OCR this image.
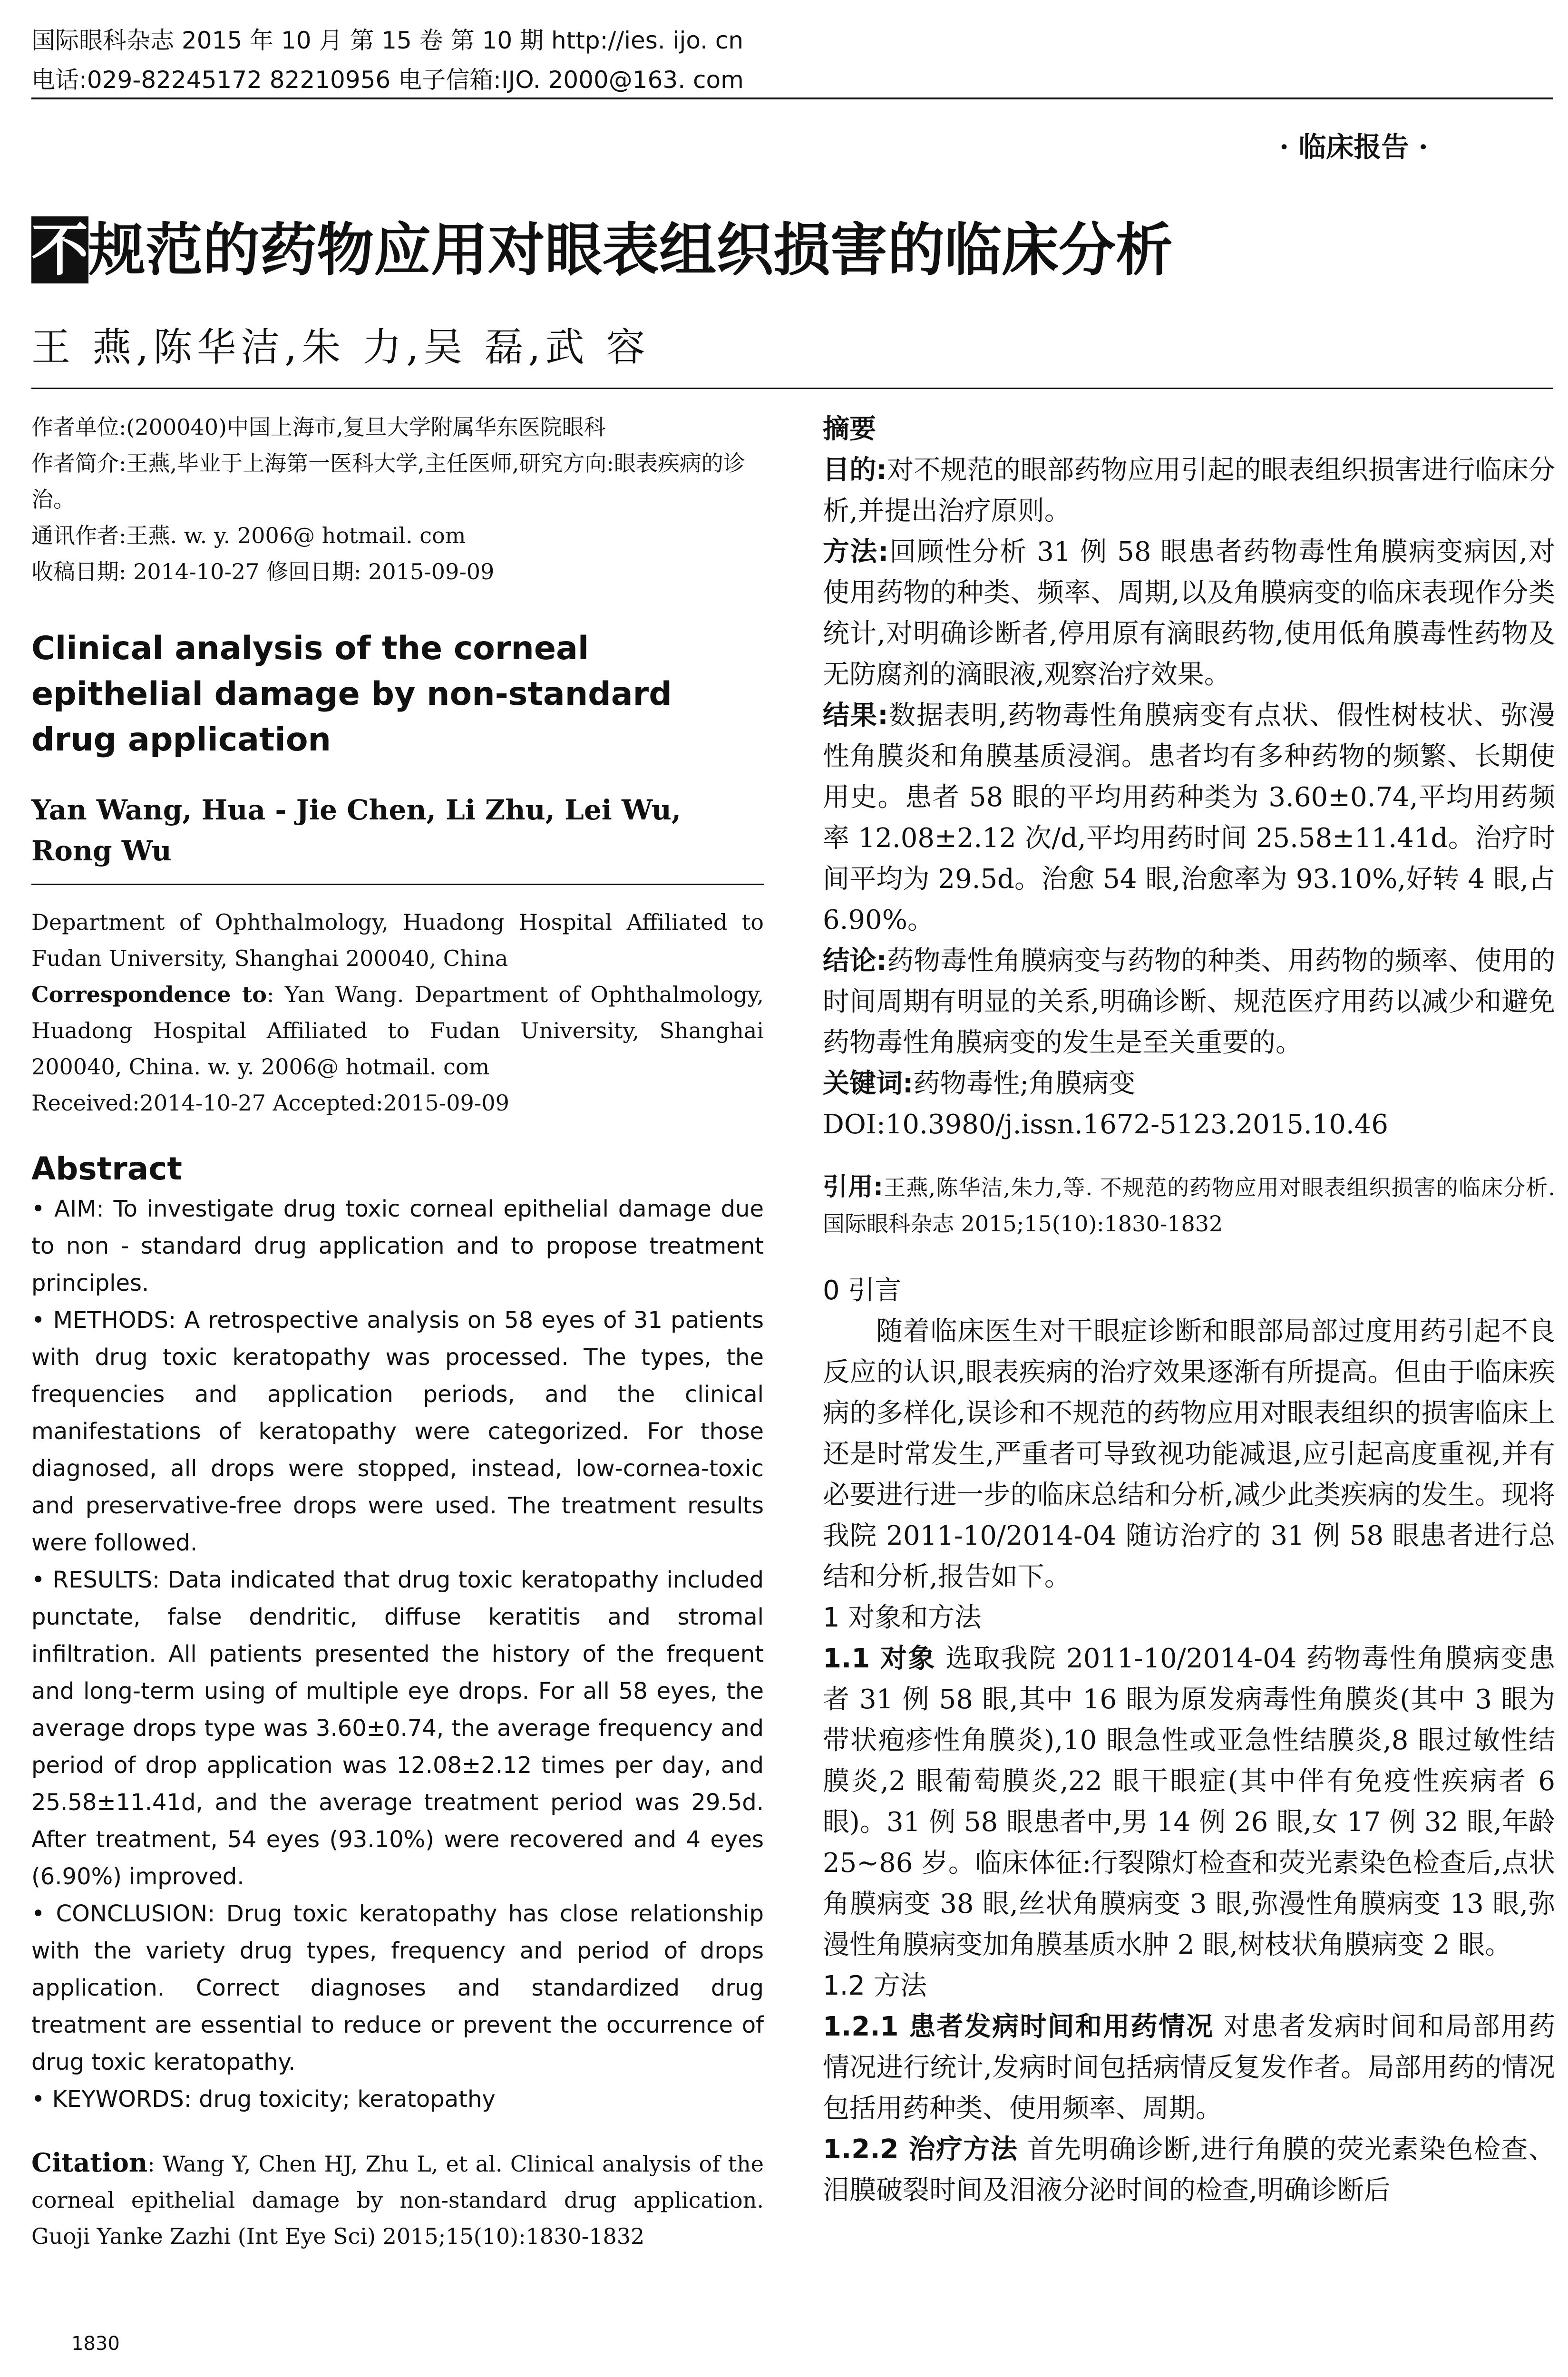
国际眼科杂志 2015 年 10 月 第 15 卷 第 10 期 http://ies. ijo. cn
电话:029-82245172 82210956 电子信箱:IJO. 2000@163. com
· 临床报告 ·
不规范的药物应用对眼表组织损害的临床分析
王 燕,陈华洁,朱 力,吴 磊,武 容

作者单位:(200040)中国上海市,复旦大学附属华东医院眼科

作者简介:王燕,毕业于上海第一医科大学,主任医师,研究方向:眼表疾病的诊治。

通讯作者:王燕. w. y. 2006@ hotmail. com

收稿日期: 2014-10-27 修回日期: 2015-09-09

Clinical analysis of the corneal epithelial damage by non-standard drug application
Yan Wang, Hua - Jie Chen, Li Zhu, Lei Wu, Rong Wu

Department of Ophthalmology, Huadong Hospital Affiliated to Fudan University, Shanghai 200040, China

Correspondence to: Yan Wang. Department of Ophthalmology, Huadong Hospital Affiliated to Fudan University, Shanghai 200040, China. w. y. 2006@ hotmail. com

Received:2014-10-27 Accepted:2015-09-09

Abstract

• AIM: To investigate drug toxic corneal epithelial damage due to non - standard drug application and to propose treatment principles.

• METHODS: A retrospective analysis on 58 eyes of 31 patients with drug toxic keratopathy was processed. The types, the frequencies and application periods, and the clinical manifestations of keratopathy were categorized. For those diagnosed, all drops were stopped, instead, low-cornea-toxic and preservative-free drops were used. The treatment results were followed.

• RESULTS: Data indicated that drug toxic keratopathy included punctate, false dendritic, diffuse keratitis and stromal infiltration. All patients presented the history of the frequent and long-term using of multiple eye drops. For all 58 eyes, the average drops type was 3.60±0.74, the average frequency and period of drop application was 12.08±2.12 times per day, and 25.58±11.41d, and the average treatment period was 29.5d. After treatment, 54 eyes (93.10%) were recovered and 4 eyes (6.90%) improved.

• CONCLUSION: Drug toxic keratopathy has close relationship with the variety drug types, frequency and period of drops application. Correct diagnoses and standardized drug treatment are essential to reduce or prevent the occurrence of drug toxic keratopathy.

• KEYWORDS: drug toxicity; keratopathy

Citation: Wang Y, Chen HJ, Zhu L, et al. Clinical analysis of the corneal epithelial damage by non-standard drug application. Guoji Yanke Zazhi (Int Eye Sci) 2015;15(10):1830-1832

摘要

目的:对不规范的眼部药物应用引起的眼表组织损害进行临床分析,并提出治疗原则。

方法:回顾性分析 31 例 58 眼患者药物毒性角膜病变病因,对使用药物的种类、频率、周期,以及角膜病变的临床表现作分类统计,对明确诊断者,停用原有滴眼药物,使用低角膜毒性药物及无防腐剂的滴眼液,观察治疗效果。

结果:数据表明,药物毒性角膜病变有点状、假性树枝状、弥漫性角膜炎和角膜基质浸润。患者均有多种药物的频繁、长期使用史。患者 58 眼的平均用药种类为 3.60±0.74,平均用药频率 12.08±2.12 次/d,平均用药时间 25.58±11.41d。治疗时间平均为 29.5d。治愈 54 眼,治愈率为 93.10%,好转 4 眼,占 6.90%。

结论:药物毒性角膜病变与药物的种类、用药物的频率、使用的时间周期有明显的关系,明确诊断、规范医疗用药以减少和避免药物毒性角膜病变的发生是至关重要的。

关键词:药物毒性;角膜病变

DOI:10.3980/j.issn.1672-5123.2015.10.46

引用:王燕,陈华洁,朱力,等. 不规范的药物应用对眼表组织损害的临床分析. 国际眼科杂志 2015;15(10):1830-1832

0 引言

随着临床医生对干眼症诊断和眼部局部过度用药引起不良反应的认识,眼表疾病的治疗效果逐渐有所提高。但由于临床疾病的多样化,误诊和不规范的药物应用对眼表组织的损害临床上还是时常发生,严重者可导致视功能减退,应引起高度重视,并有必要进行进一步的临床总结和分析,减少此类疾病的发生。现将我院 2011-10/2014-04 随访治疗的 31 例 58 眼患者进行总结和分析,报告如下。

1 对象和方法

1.1 对象 选取我院 2011-10/2014-04 药物毒性角膜病变患者 31 例 58 眼,其中 16 眼为原发病毒性角膜炎(其中 3 眼为带状疱疹性角膜炎),10 眼急性或亚急性结膜炎,8 眼过敏性结膜炎,2 眼葡萄膜炎,22 眼干眼症(其中伴有免疫性疾病者 6 眼)。31 例 58 眼患者中,男 14 例 26 眼,女 17 例 32 眼,年龄 25~86 岁。临床体征:行裂隙灯检查和荧光素染色检查后,点状角膜病变 38 眼,丝状角膜病变 3 眼,弥漫性角膜病变 13 眼,弥漫性角膜病变加角膜基质水肿 2 眼,树枝状角膜病变 2 眼。

1.2 方法

1.2.1 患者发病时间和用药情况 对患者发病时间和局部用药情况进行统计,发病时间包括病情反复发作者。局部用药的情况包括用药种类、使用频率、周期。

1.2.2 治疗方法 首先明确诊断,进行角膜的荧光素染色检查、泪膜破裂时间及泪液分泌时间的检查,明确诊断后

1830
